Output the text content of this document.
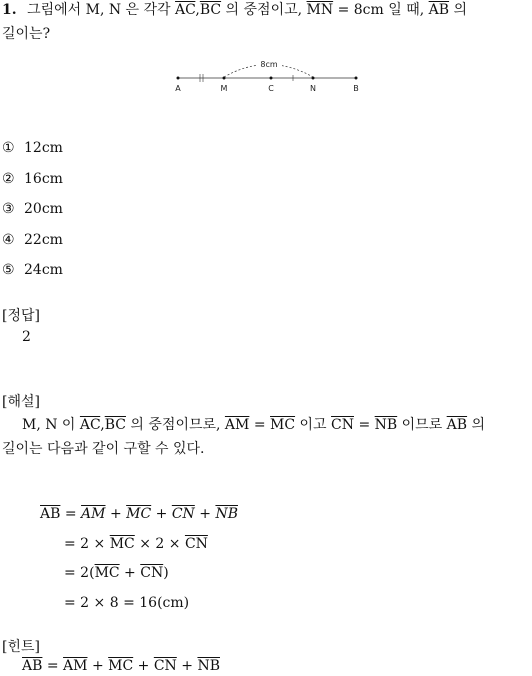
1. 그림에서 M, N 은 각각 $\overline{AC},\overline{BC}$ 의 중점이고, $\overline{MN} = 8cm$ 일 때, $\overline{AB}$ 의
길이는?
8cm
A	M	C	N	B
① 12cm
② 16cm
③ 20cm
④ 22cm
⑤ 24cm
[정답]
2
[해설]
M, N 이 $\overline{AC},\overline{BC}$ 의 중점이므로, $\overline{AM} = \overline{MC}$ 이고 $\overline{CN} = \overline{NB}$ 이므로 $\overline{AB}$ 의
길이는 다음과 같이 구할 수 있다.
$\overline{AB} = \overline{AM} + \overline{MC} + \overline{CN} + \overline{NB}$
= $2 \times \overline{MC} \times 2 \times \overline{CN}$
= $2(\overline{MC} + \overline{CN})$
= 2 × 8 = 16(cm)
[힌트]
$\overline{AB} = \overline{AM} + \overline{MC} + \overline{CN} + \overline{NB}$
